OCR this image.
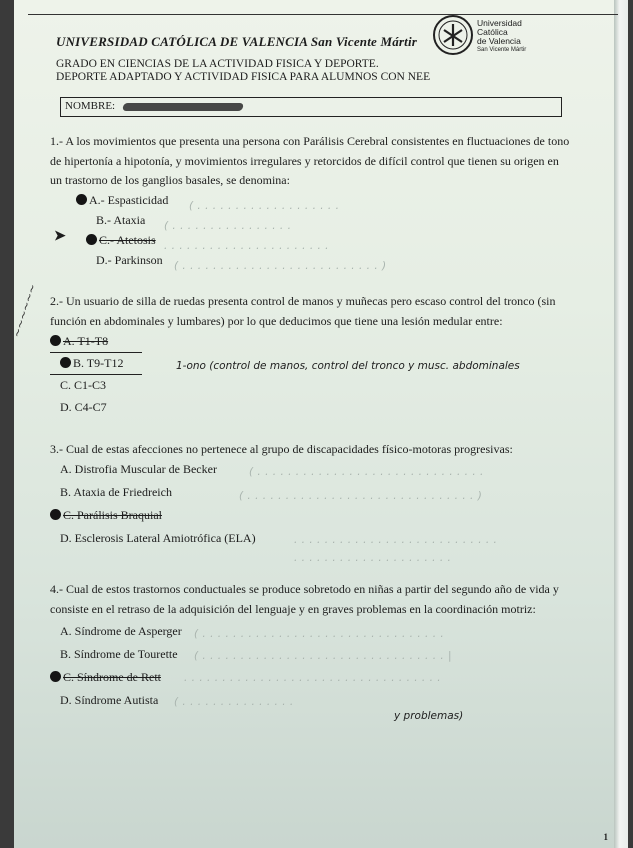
UNIVERSIDAD CATÓLICA DE VALENCIA San Vicente Mártir
Universidad
Católica
de Valencia
San Vicente Mártir
GRADO EN CIENCIAS DE LA ACTIVIDAD FISICA Y DEPORTE.
DEPORTE ADAPTADO Y ACTIVIDAD FISICA PARA ALUMNOS CON NEE
NOMBRE:
1.- A los movimientos que presenta una persona con Parálisis Cerebral consistentes en fluctuaciones de tono
de hipertonía a hipotonía, y movimientos irregulares y retorcidos de difícil control que tienen su origen en
un trastorno de los ganglios basales, se denomina:
A.- Espasticidad
B.- Ataxia
C.- Atetosis
D.- Parkinson
➤
( . . . . . . . . . . . . . . . . . . .
( . . . . . . . . . . . . . . . .
. . . . . . . . . . . . . . . . . . . . . .
( . . . . . . . . . . . . . . . . . . . . . . . . . . )
2.- Un usuario de silla de ruedas presenta control de manos y muñecas pero escaso control del tronco (sin
función en abdominales y lumbares) por lo que deducimos que tiene una lesión medular entre:
A. T1-T8
B. T9-T12
C. C1-C3
D. C4-C7
1-ono (control de manos, control del tronco y musc. abdominales
~~~~~~
3.- Cual de estas afecciones no pertenece al grupo de discapacidades físico-motoras progresivas:
A. Distrofia Muscular de Becker
B. Ataxia de Friedreich
C. Parálisis Braquial
D. Esclerosis Lateral Amiotrófica (ELA)
( . . . . . . . . . . . . . . . . . . . . . . . . . . . . . .
( . . . . . . . . . . . . . . . . . . . . . . . . . . . . . . )
. . . . . . . . . . . . . . . . . . . . . . . . . . .
. . . . . . . . . . . . . . . . . . . . .
4.- Cual de estos trastornos conductuales se produce sobretodo en niñas a partir del segundo año de vida y
consiste en el retraso de la adquisición del lenguaje y en graves problemas en la coordinación motriz:
A. Síndrome de Asperger
B. Síndrome de Tourette
C. Síndrome de Rett
D. Síndrome Autista
( . . . . . . . . . . . . . . . . . . . . . . . . . . . . . . . .
( . . . . . . . . . . . . . . . . . . . . . . . . . . . . . . . . |
. . . . . . . . . . . . . . . . . . . . . . . . . . . . . . . . . .
( . . . . . . . . . . . . . . .
y problemas)
1
